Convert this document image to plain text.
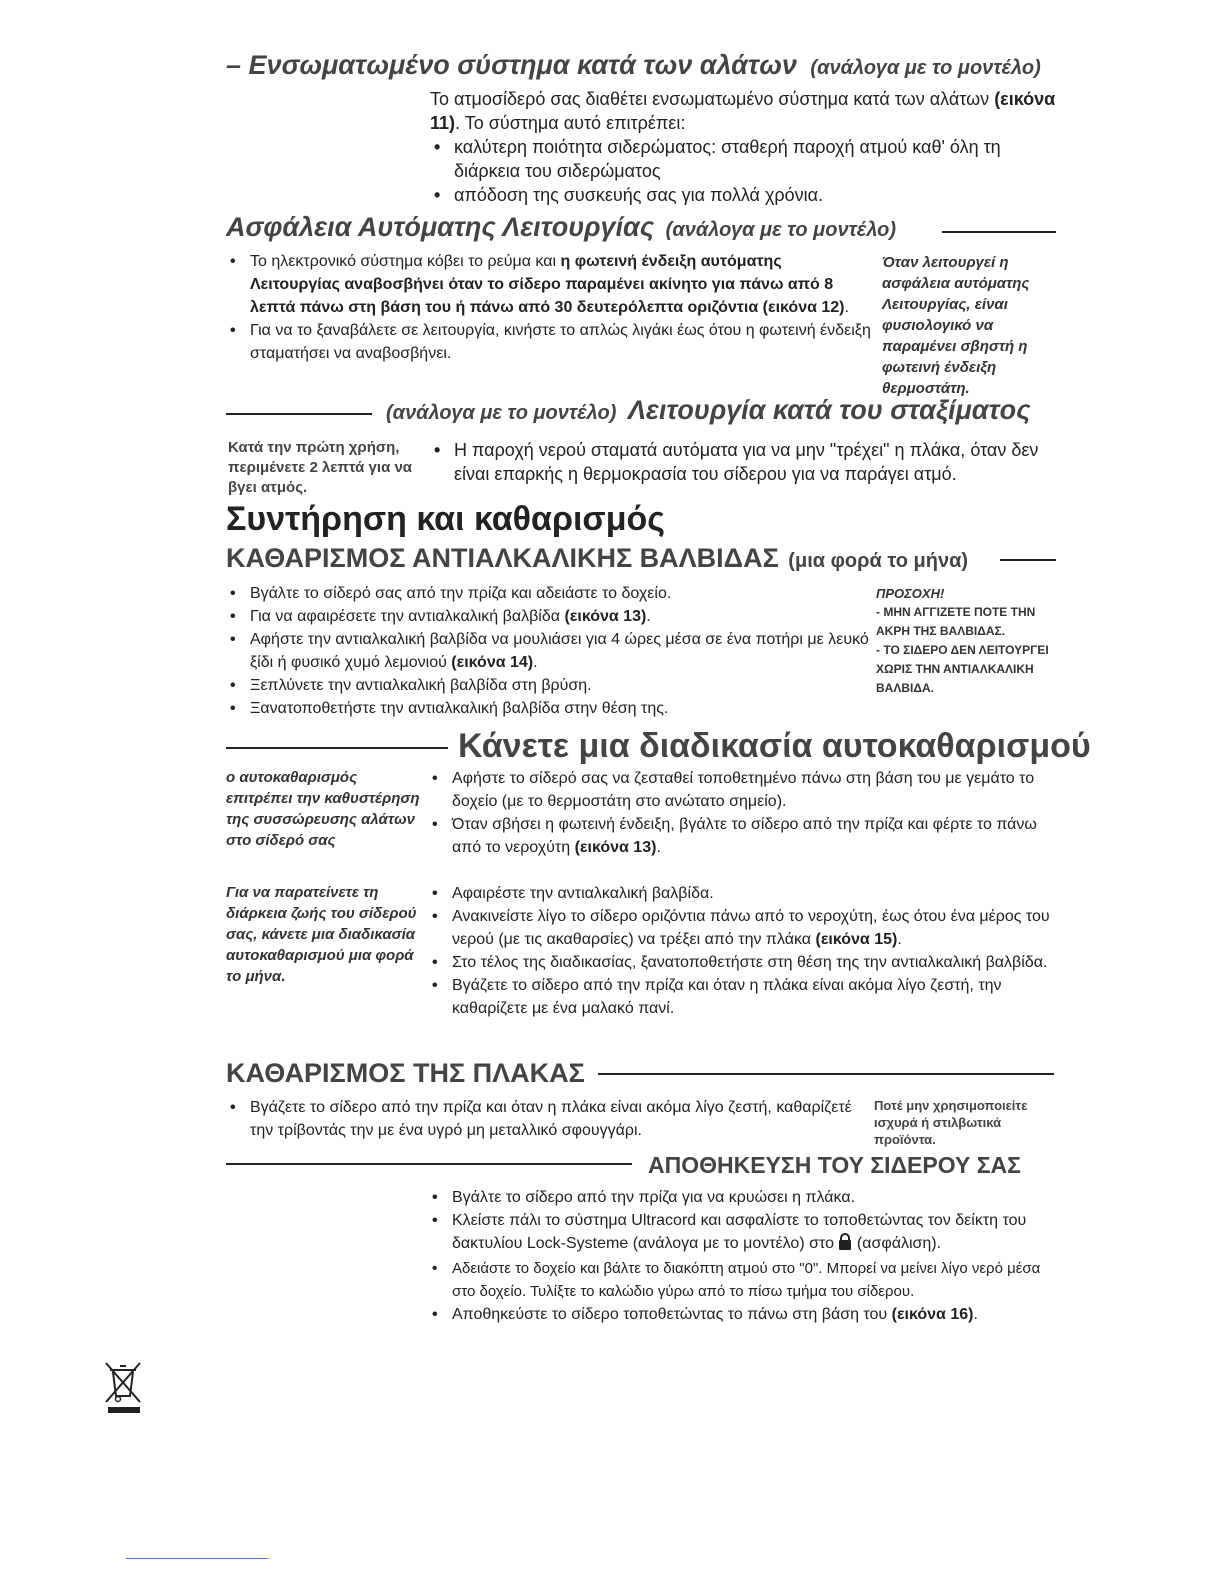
– Ενσωματωμένο σύστημα κατά των αλάτων (ανάλογα με το μοντέλο)
Το ατμοσίδερό σας διαθέτει ενσωματωμένο σύστημα κατά των αλάτων (εικόνα 11). Το σύστημα αυτό επιτρέπει:
• καλύτερη ποιότητα σιδερώματος: σταθερή παροχή ατμού καθ' όλη τη διάρκεια του σιδερώματος
• απόδοση της συσκευής σας για πολλά χρόνια.
Ασφάλεια Αυτόματης Λειτουργίας (ανάλογα με το μοντέλο)
• Το ηλεκτρονικό σύστημα κόβει το ρεύμα και η φωτεινή ένδειξη αυτόματης Λειτουργίας αναβοσβήνει όταν το σίδερο παραμένει ακίνητο για πάνω από 8 λεπτά πάνω στη βάση του ή πάνω από 30 δευτερόλεπτα οριζόντια (εικόνα 12).
• Για να το ξαναβάλετε σε λειτουργία, κινήστε το απλώς λιγάκι έως ότου η φωτεινή ένδειξη σταματήσει να αναβοσβήνει.
Όταν λειτουργεί η ασφάλεια αυτόματης Λειτουργίας, είναι φυσιολογικό να παραμένει σβηστή η φωτεινή ένδειξη θερμοστάτη.
(ανάλογα με το μοντέλο) Λειτουργία κατά του σταξίματος
Κατά την πρώτη χρήση, περιμένετε 2 λεπτά για να βγει ατμός.
• Η παροχή νερού σταματά αυτόματα για να μην "τρέχει" η πλάκα, όταν δεν είναι επαρκής η θερμοκρασία του σίδερου για να παράγει ατμό.
Συντήρηση και καθαρισμός
ΚΑΘΑΡΙΣΜΟΣ ΑΝΤΙΑΛΚΑΛΙΚΗΣ ΒΑΛΒΙΔΑΣ (μια φορά το μήνα)
• Βγάλτε το σίδερό σας από την πρίζα και αδειάστε το δοχείο.
• Για να αφαιρέσετε την αντιαλκαλική βαλβίδα (εικόνα 13).
• Αφήστε την αντιαλκαλική βαλβίδα να μουλιάσει για 4 ώρες μέσα σε ένα ποτήρι με λευκό ξίδι ή φυσικό χυμό λεμονιού (εικόνα 14).
• Ξεπλύνετε την αντιαλκαλική βαλβίδα στη βρύση.
• Ξανατοποθετήστε την αντιαλκαλική βαλβίδα στην θέση της.
ΠΡΟΣΟΧΗ!
- ΜΗΝ ΑΓΓΙΖΕΤΕ ΠΟΤΕ ΤΗΝ ΑΚΡΗ ΤΗΣ ΒΑΛΒΙΔΑΣ.
- ΤΟ ΣΙΔΕΡΟ ΔΕΝ ΛΕΙΤΟΥΡΓΕΙ ΧΩΡΙΣ ΤΗΝ ΑΝΤΙΑΛΚΑΛΙΚΗ ΒΑΛΒΙΔΑ.
Κάνετε μια διαδικασία αυτοκαθαρισμού
ο αυτοκαθαρισμός επιτρέπει την καθυστέρηση της συσσώρευσης αλάτων στο σίδερό σας
Για να παρατείνετε τη διάρκεια ζωής του σίδερού σας, κάνετε μια διαδικασία αυτοκαθαρισμού μια φορά το μήνα.
• Αφήστε το σίδερό σας να ζεσταθεί τοποθετημένο πάνω στη βάση του με γεμάτο το δοχείο (με το θερμοστάτη στο ανώτατο σημείο).
• Όταν σβήσει η φωτεινή ένδειξη, βγάλτε το σίδερο από την πρίζα και φέρτε το πάνω από το νεροχύτη (εικόνα 13).
• Αφαιρέστε την αντιαλκαλική βαλβίδα.
• Ανακινείστε λίγο το σίδερο οριζόντια πάνω από το νεροχύτη, έως ότου ένα μέρος του νερού (με τις ακαθαρσίες) να τρέξει από την πλάκα (εικόνα 15).
• Στο τέλος της διαδικασίας, ξανατοποθετήστε στη θέση της την αντιαλκαλική βαλβίδα.
• Βγάζετε το σίδερο από την πρίζα και όταν η πλάκα είναι ακόμα λίγο ζεστή, την καθαρίζετε με ένα μαλακό πανί.
ΚΑΘΑΡΙΣΜΟΣ ΤΗΣ ΠΛΑΚΑΣ
• Βγάζετε το σίδερο από την πρίζα και όταν η πλάκα είναι ακόμα λίγο ζεστή, καθαρίζετέ την τρίβοντάς την με ένα υγρό μη μεταλλικό σφουγγάρι.
Ποτέ μην χρησιμοποιείτε ισχυρά ή στιλβωτικά προϊόντα.
ΑΠΟΘΗΚΕΥΣΗ ΤΟΥ ΣΙΔΕΡΟΥ ΣΑΣ
• Βγάλτε το σίδερο από την πρίζα για να κρυώσει η πλάκα.
• Κλείστε πάλι το σύστημα Ultracord και ασφαλίστε το τοποθετώντας τον δείκτη του δακτυλίου Lock-Systeme (ανάλογα με το μοντέλο) στο (ασφάλιση).
• Αδειάστε το δοχείο και βάλτε το διακόπτη ατμού στο "0". Μπορεί να μείνει λίγο νερό μέσα στο δοχείο. Τυλίξτε το καλώδιο γύρω από το πίσω τμήμα του σίδερου.
• Αποθηκεύστε το σίδερο τοποθετώντας το πάνω στη βάση του (εικόνα 16).
